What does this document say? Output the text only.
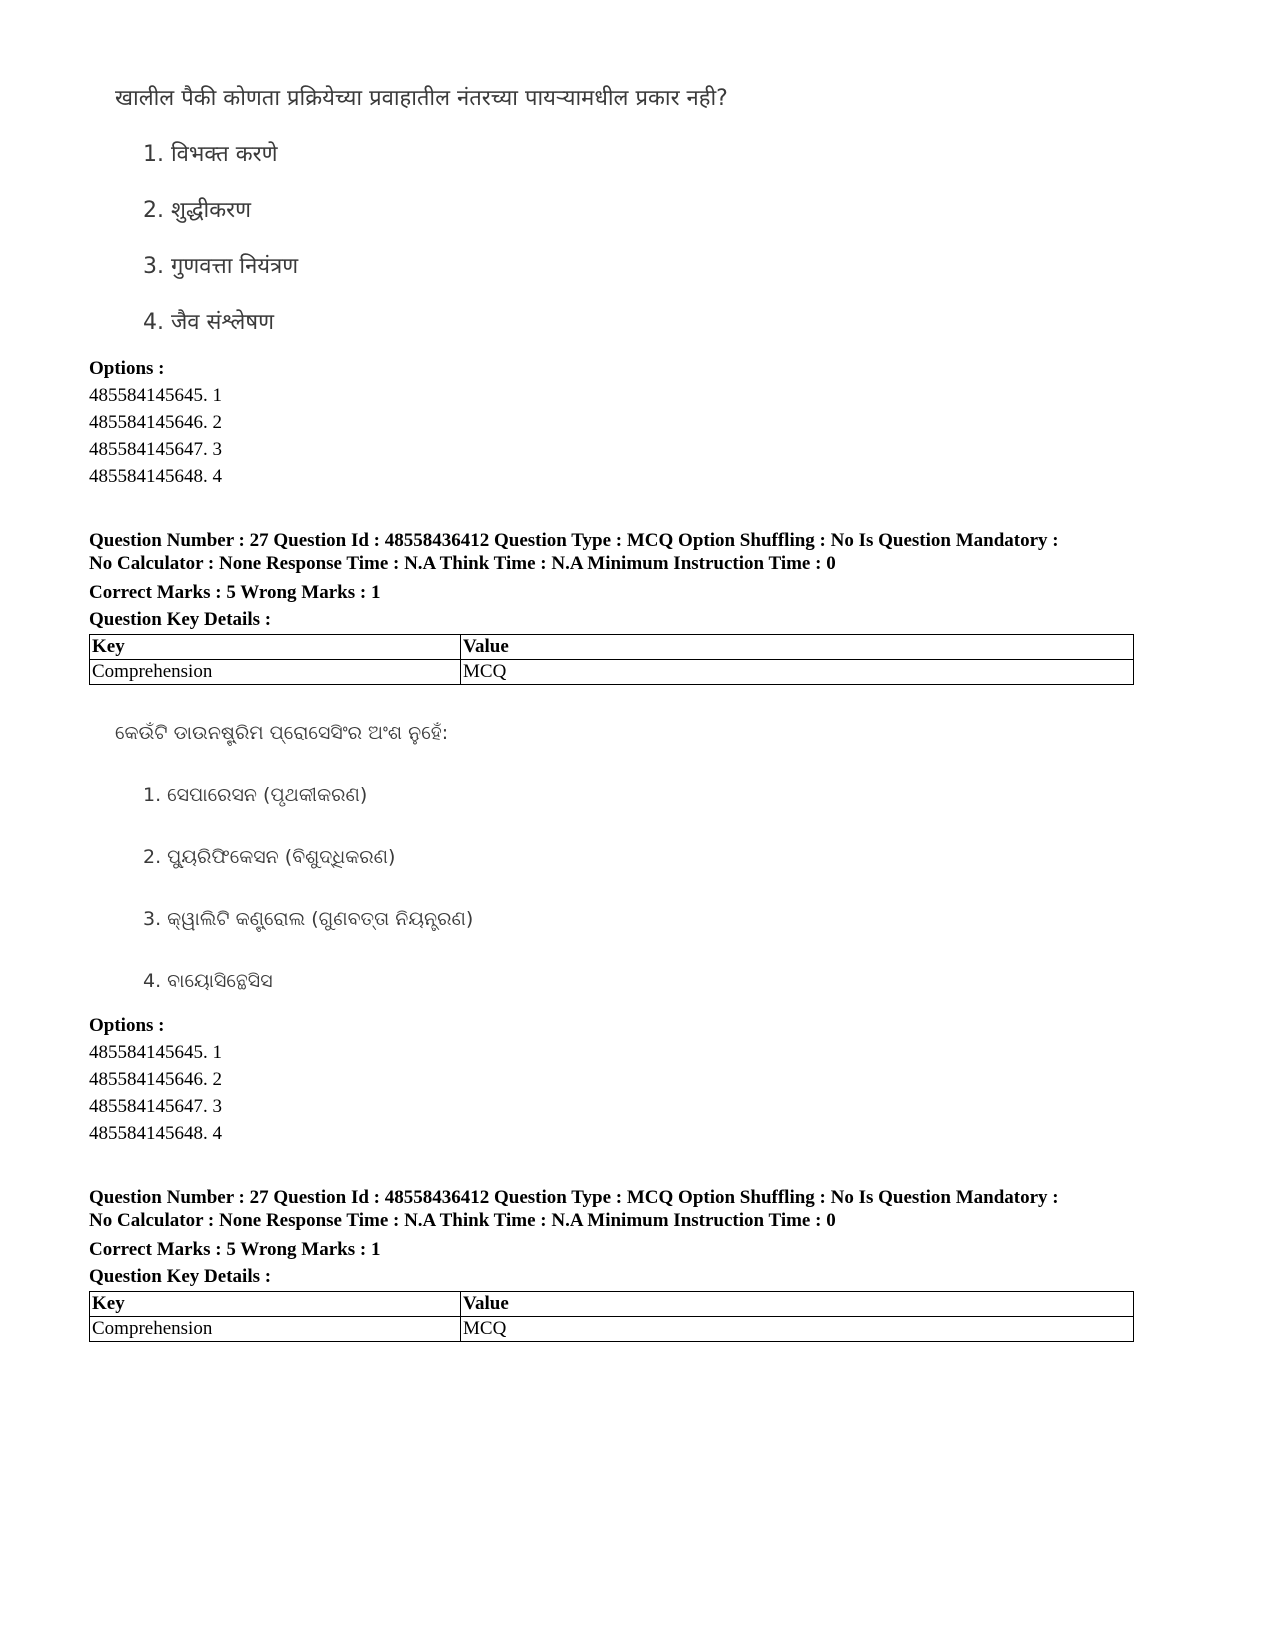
खालील पैकी कोणता प्रक्रियेच्या प्रवाहातील नंतरच्या पायऱ्यामधील प्रकार नही?
1. विभक्त करणे
2. शुद्धीकरण
3. गुणवत्ता नियंत्रण
4. जैव संश्लेषण
Options :
485584145645. 1
485584145646. 2
485584145647. 3
485584145648. 4
Question Number : 27 Question Id : 48558436412 Question Type : MCQ Option Shuffling : No Is Question Mandatory :
No Calculator : None Response Time : N.A Think Time : N.A Minimum Instruction Time : 0
Correct Marks : 5 Wrong Marks : 1
Question Key Details :
Key	Value
Comprehension	MCQ
କେଉଁଟି ଡାଉନଷ୍ଟ୍ରିମ ପ୍ରୋସେସିଂର ଅଂଶ ନୁହେଁ:
1. ସେପାରେସନ (ପୃଥକୀକରଣ)
2. ପ୍ୟୁରିଫିକେସନ (ବିଶୁଦ୍ଧିକରଣ)
3. କ୍ୱାଲିଟି କଣ୍ଟ୍ରୋଲ (ଗୁଣବତ୍ତା ନିୟନ୍ତ୍ରଣ)
4. ବାୟୋସିନ୍ଥେସିସ
Options :
485584145645. 1
485584145646. 2
485584145647. 3
485584145648. 4
Question Number : 27 Question Id : 48558436412 Question Type : MCQ Option Shuffling : No Is Question Mandatory :
No Calculator : None Response Time : N.A Think Time : N.A Minimum Instruction Time : 0
Correct Marks : 5 Wrong Marks : 1
Question Key Details :
Key	Value
Comprehension	MCQ
